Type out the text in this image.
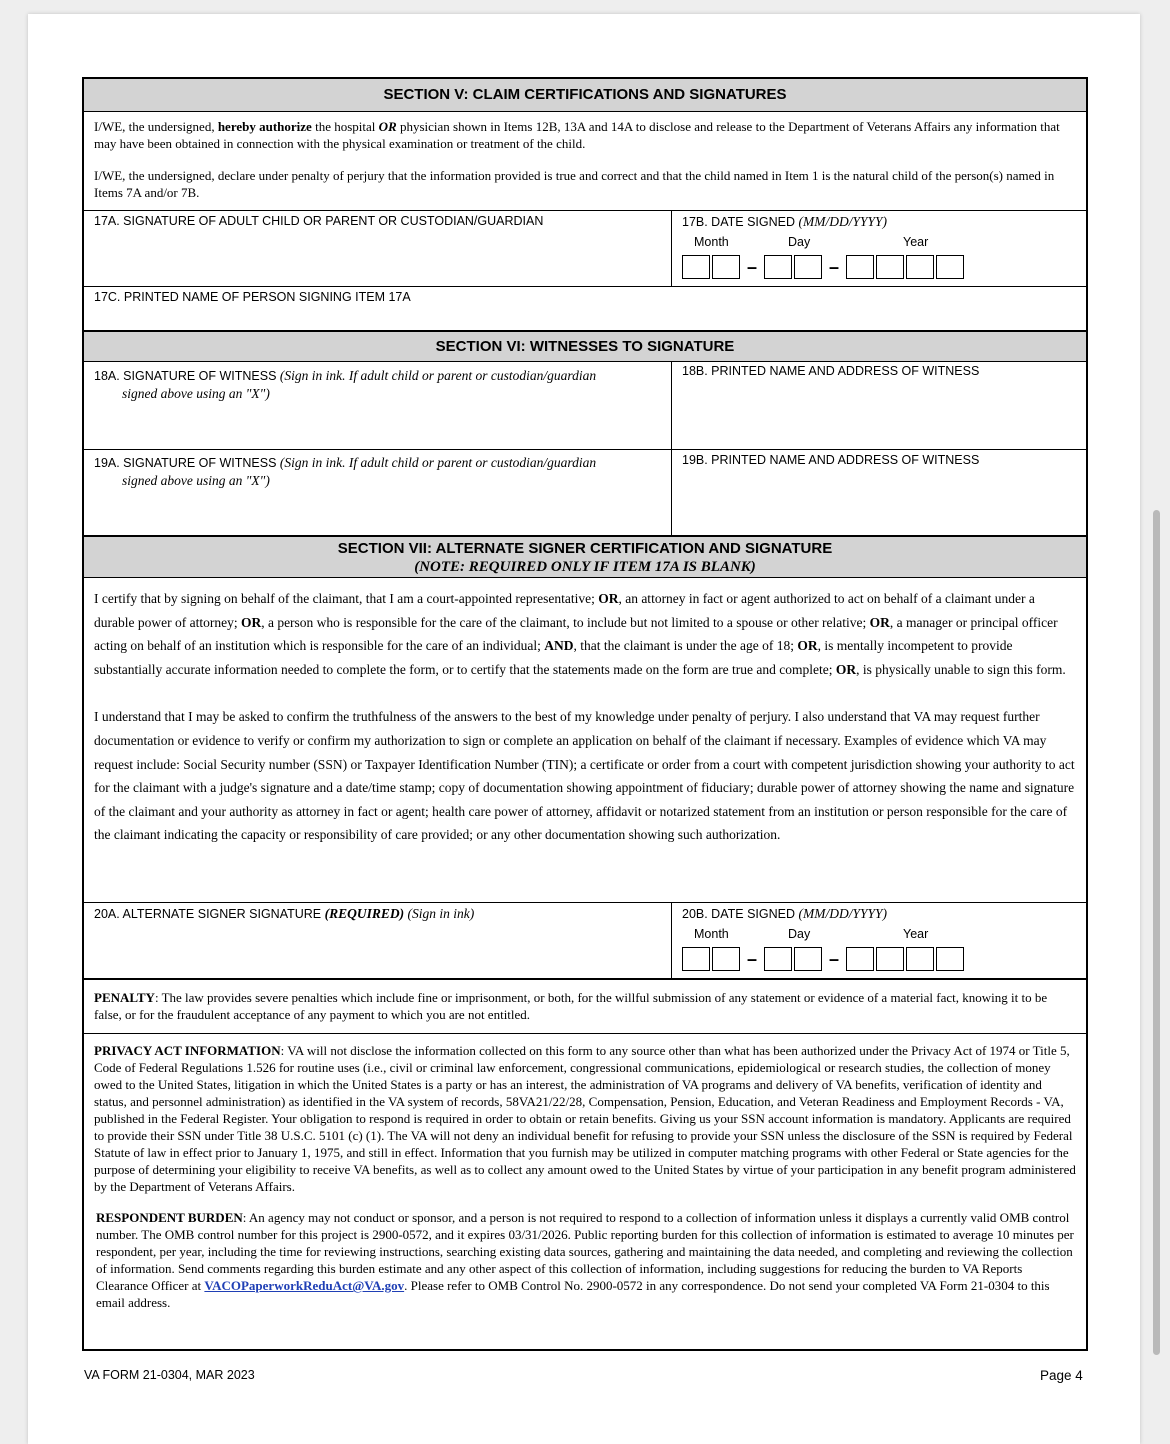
SECTION V: CLAIM CERTIFICATIONS AND SIGNATURES
I/WE, the undersigned, hereby authorize the hospital OR physician shown in Items 12B, 13A and 14A to disclose and release to the Department of Veterans Affairs any information that may have been obtained in connection with the physical examination or treatment of the child.
I/WE, the undersigned, declare under penalty of perjury that the information provided is true and correct and that the child named in Item 1 is the natural child of the person(s) named in Items 7A and/or 7B.
17A. SIGNATURE OF ADULT CHILD OR PARENT OR CUSTODIAN/GUARDIAN	17B. DATE SIGNED (MM/DD/YYYY)
Month	Day	Year
–	–
17C. PRINTED NAME OF PERSON SIGNING ITEM 17A
SECTION VI: WITNESSES TO SIGNATURE
18A. SIGNATURE OF WITNESS (Sign in ink. If adult child or parent or custodian/guardian
signed above using an "X")
18B. PRINTED NAME AND ADDRESS OF WITNESS
19A. SIGNATURE OF WITNESS (Sign in ink. If adult child or parent or custodian/guardian
signed above using an "X")
19B. PRINTED NAME AND ADDRESS OF WITNESS
SECTION VII: ALTERNATE SIGNER CERTIFICATION AND SIGNATURE
(NOTE: REQUIRED ONLY IF ITEM 17A IS BLANK)
I certify that by signing on behalf of the claimant, that I am a court-appointed representative; OR, an attorney in fact or agent authorized to act on behalf of a claimant under a durable power of attorney; OR, a person who is responsible for the care of the claimant, to include but not limited to a spouse or other relative; OR, a manager or principal officer acting on behalf of an institution which is responsible for the care of an individual; AND, that the claimant is under the age of 18; OR, is mentally incompetent to provide substantially accurate information needed to complete the form, or to certify that the statements made on the form are true and complete; OR, is physically unable to sign this form.
I understand that I may be asked to confirm the truthfulness of the answers to the best of my knowledge under penalty of perjury. I also understand that VA may request further documentation or evidence to verify or confirm my authorization to sign or complete an application on behalf of the claimant if necessary. Examples of evidence which VA may request include: Social Security number (SSN) or Taxpayer Identification Number (TIN); a certificate or order from a court with competent jurisdiction showing your authority to act for the claimant with a judge's signature and a date/time stamp; copy of documentation showing appointment of fiduciary; durable power of attorney showing the name and signature of the claimant and your authority as attorney in fact or agent; health care power of attorney, affidavit or notarized statement from an institution or person responsible for the care of the claimant indicating the capacity or responsibility of care provided; or any other documentation showing such authorization.
20A. ALTERNATE SIGNER SIGNATURE (REQUIRED) (Sign in ink)	20B. DATE SIGNED (MM/DD/YYYY)
Month	Day	Year
–	–
PENALTY: The law provides severe penalties which include fine or imprisonment, or both, for the willful submission of any statement or evidence of a material fact, knowing it to be false, or for the fraudulent acceptance of any payment to which you are not entitled.
PRIVACY ACT INFORMATION: VA will not disclose the information collected on this form to any source other than what has been authorized under the Privacy Act of 1974 or Title 5, Code of Federal Regulations 1.526 for routine uses (i.e., civil or criminal law enforcement, congressional communications, epidemiological or research studies, the collection of money owed to the United States, litigation in which the United States is a party or has an interest, the administration of VA programs and delivery of VA benefits, verification of identity and status, and personnel administration) as identified in the VA system of records, 58VA21/22/28, Compensation, Pension, Education, and Veteran Readiness and Employment Records - VA, published in the Federal Register. Your obligation to respond is required in order to obtain or retain benefits. Giving us your SSN account information is mandatory. Applicants are required to provide their SSN under Title 38 U.S.C. 5101 (c) (1). The VA will not deny an individual benefit for refusing to provide your SSN unless the disclosure of the SSN is required by Federal Statute of law in effect prior to January 1, 1975, and still in effect. Information that you furnish may be utilized in computer matching programs with other Federal or State agencies for the purpose of determining your eligibility to receive VA benefits, as well as to collect any amount owed to the United States by virtue of your participation in any benefit program administered by the Department of Veterans Affairs.
RESPONDENT BURDEN: An agency may not conduct or sponsor, and a person is not required to respond to a collection of information unless it displays a currently valid OMB control number. The OMB control number for this project is 2900-0572, and it expires 03/31/2026. Public reporting burden for this collection of information is estimated to average 10 minutes per respondent, per year, including the time for reviewing instructions, searching existing data sources, gathering and maintaining the data needed, and completing and reviewing the collection of information. Send comments regarding this burden estimate and any other aspect of this collection of information, including suggestions for reducing the burden to VA Reports Clearance Officer at VACOPaperworkReduAct@VA.gov. Please refer to OMB Control No. 2900-0572 in any correspondence. Do not send your completed VA Form 21-0304 to this email address.
VA FORM 21-0304, MAR 2023	Page 4
